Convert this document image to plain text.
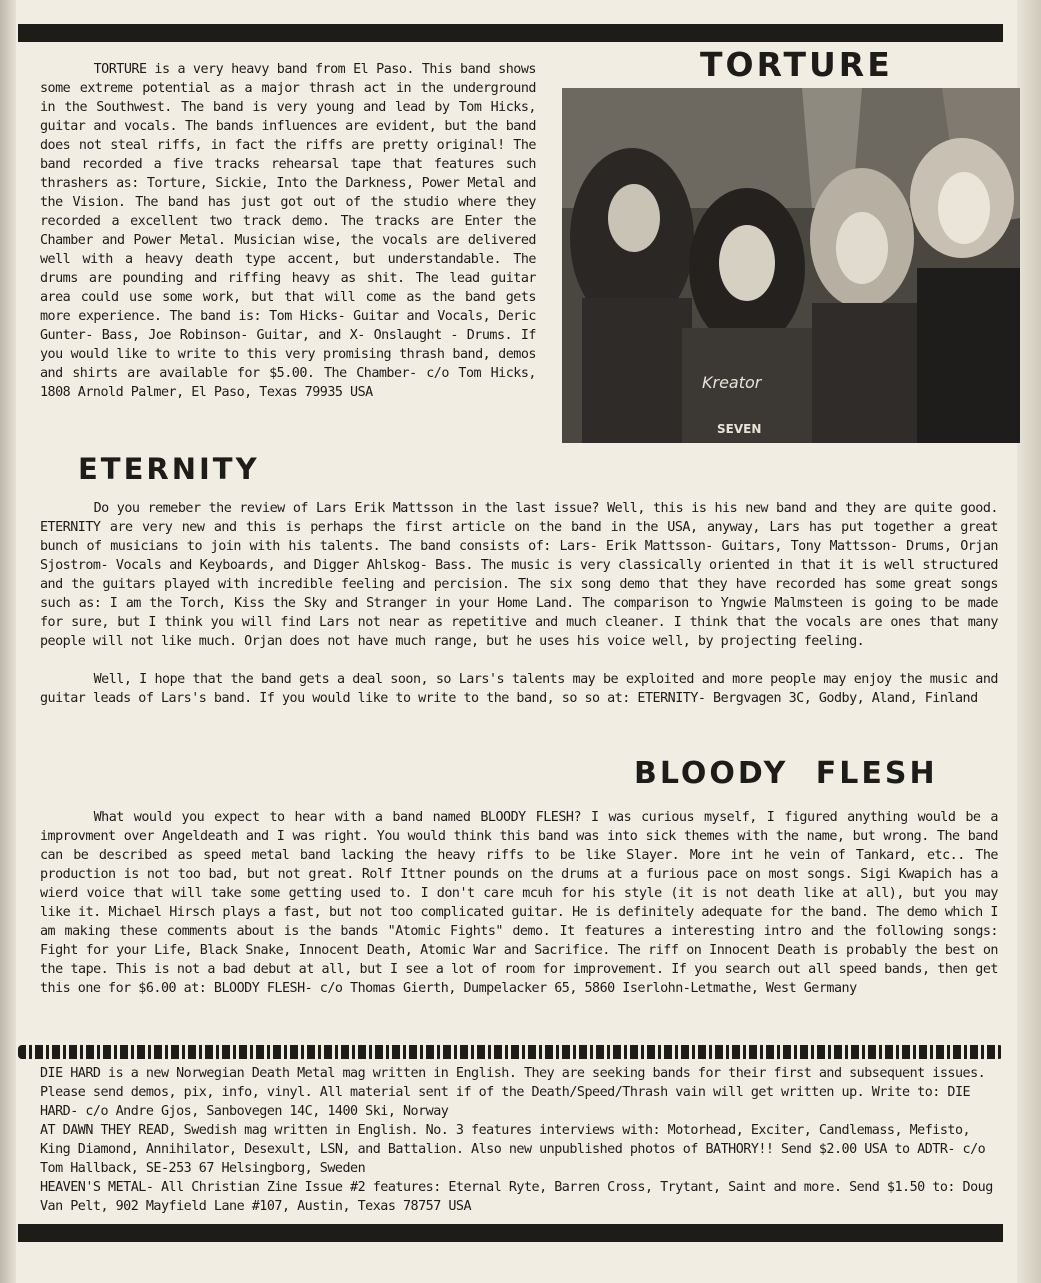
TORTURE

TORTURE is a very heavy band from El Paso. This band shows some extreme potential as a major thrash act in the underground in the Southwest. The band is very young and lead by Tom Hicks, guitar and vocals. The bands influences are evident, but the band does not steal riffs, in fact the riffs are pretty original! The band recorded a five tracks rehearsal tape that features such thrashers as: Torture, Sickie, Into the Darkness, Power Metal and the Vision. The band has just got out of the studio where they recorded a excellent two track demo. The tracks are Enter the Chamber and Power Metal. Musician wise, the vocals are delivered well with a heavy death type accent, but understandable. The drums are pounding and riffing heavy as shit. The lead guitar area could use some work, but that will come as the band gets more experience. The band is: Tom Hicks- Guitar and Vocals, Deric Gunter- Bass, Joe Robinson- Guitar, and X- Onslaught - Drums. If you would like to write to this very promising thrash band, demos and shirts are available for $5.00. The Chamber- c/o Tom Hicks, 1808 Arnold Palmer, El Paso, Texas 79935 USA

Kreator
SEVEN
ETERNITY

Do you remeber the review of Lars Erik Mattsson in the last issue? Well, this is his new band and they are quite good. ETERNITY are very new and this is perhaps the first article on the band in the USA, anyway, Lars has put together a great bunch of musicians to join with his talents. The band consists of: Lars- Erik Mattsson- Guitars, Tony Mattsson- Drums, Orjan Sjostrom- Vocals and Keyboards, and Digger Ahlskog- Bass. The music is very classically oriented in that it is well structured and the guitars played with incredible feeling and percision. The six song demo that they have recorded has some great songs such as: I am the Torch, Kiss the Sky and Stranger in your Home Land. The comparison to Yngwie Malmsteen is going to be made for sure, but I think you will find Lars not near as repetitive and much cleaner. I think that the vocals are ones that many people will not like much. Orjan does not have much range, but he uses his voice well, by projecting feeling.

Well, I hope that the band gets a deal soon, so Lars's talents may be exploited and more people may enjoy the music and guitar leads of Lars's band. If you would like to write to the band, so so at: ETERNITY- Bergvagen 3C, Godby, Aland, Finland

BLOODY FLESH

What would you expect to hear with a band named BLOODY FLESH? I was curious myself, I figured anything would be a improvment over Angeldeath and I was right. You would think this band was into sick themes with the name, but wrong. The band can be described as speed metal band lacking the heavy riffs to be like Slayer. More int he vein of Tankard, etc.. The production is not too bad, but not great. Rolf Ittner pounds on the drums at a furious pace on most songs. Sigi Kwapich has a wierd voice that will take some getting used to. I don't care mcuh for his style (it is not death like at all), but you may like it. Michael Hirsch plays a fast, but not too complicated guitar. He is definitely adequate for the band. The demo which I am making these comments about is the bands "Atomic Fights" demo. It features a interesting intro and the following songs: Fight for your Life, Black Snake, Innocent Death, Atomic War and Sacrifice. The riff on Innocent Death is probably the best on the tape. This is not a bad debut at all, but I see a lot of room for improvement. If you search out all speed bands, then get this one for $6.00 at: BLOODY FLESH- c/o Thomas Gierth, Dumpelacker 65, 5860 Iserlohn-Letmathe, West Germany

DIE HARD is a new Norwegian Death Metal mag written in English. They are seeking bands for their first and subsequent issues. Please send demos, pix, info, vinyl. All material sent if of the Death/Speed/Thrash vain will get written up. Write to: DIE HARD- c/o Andre Gjos, Sanbovegen 14C, 1400 Ski, Norway

AT DAWN THEY READ, Swedish mag written in English. No. 3 features interviews with: Motorhead, Exciter, Candlemass, Mefisto, King Diamond, Annihilator, Desexult, LSN, and Battalion. Also new unpublished photos of BATHORY!! Send $2.00 USA to ADTR- c/o Tom Hallback, SE-253 67 Helsingborg, Sweden

HEAVEN'S METAL- All Christian Zine Issue #2 features: Eternal Ryte, Barren Cross, Trytant, Saint and more. Send $1.50 to: Doug Van Pelt, 902 Mayfield Lane #107, Austin, Texas 78757 USA
